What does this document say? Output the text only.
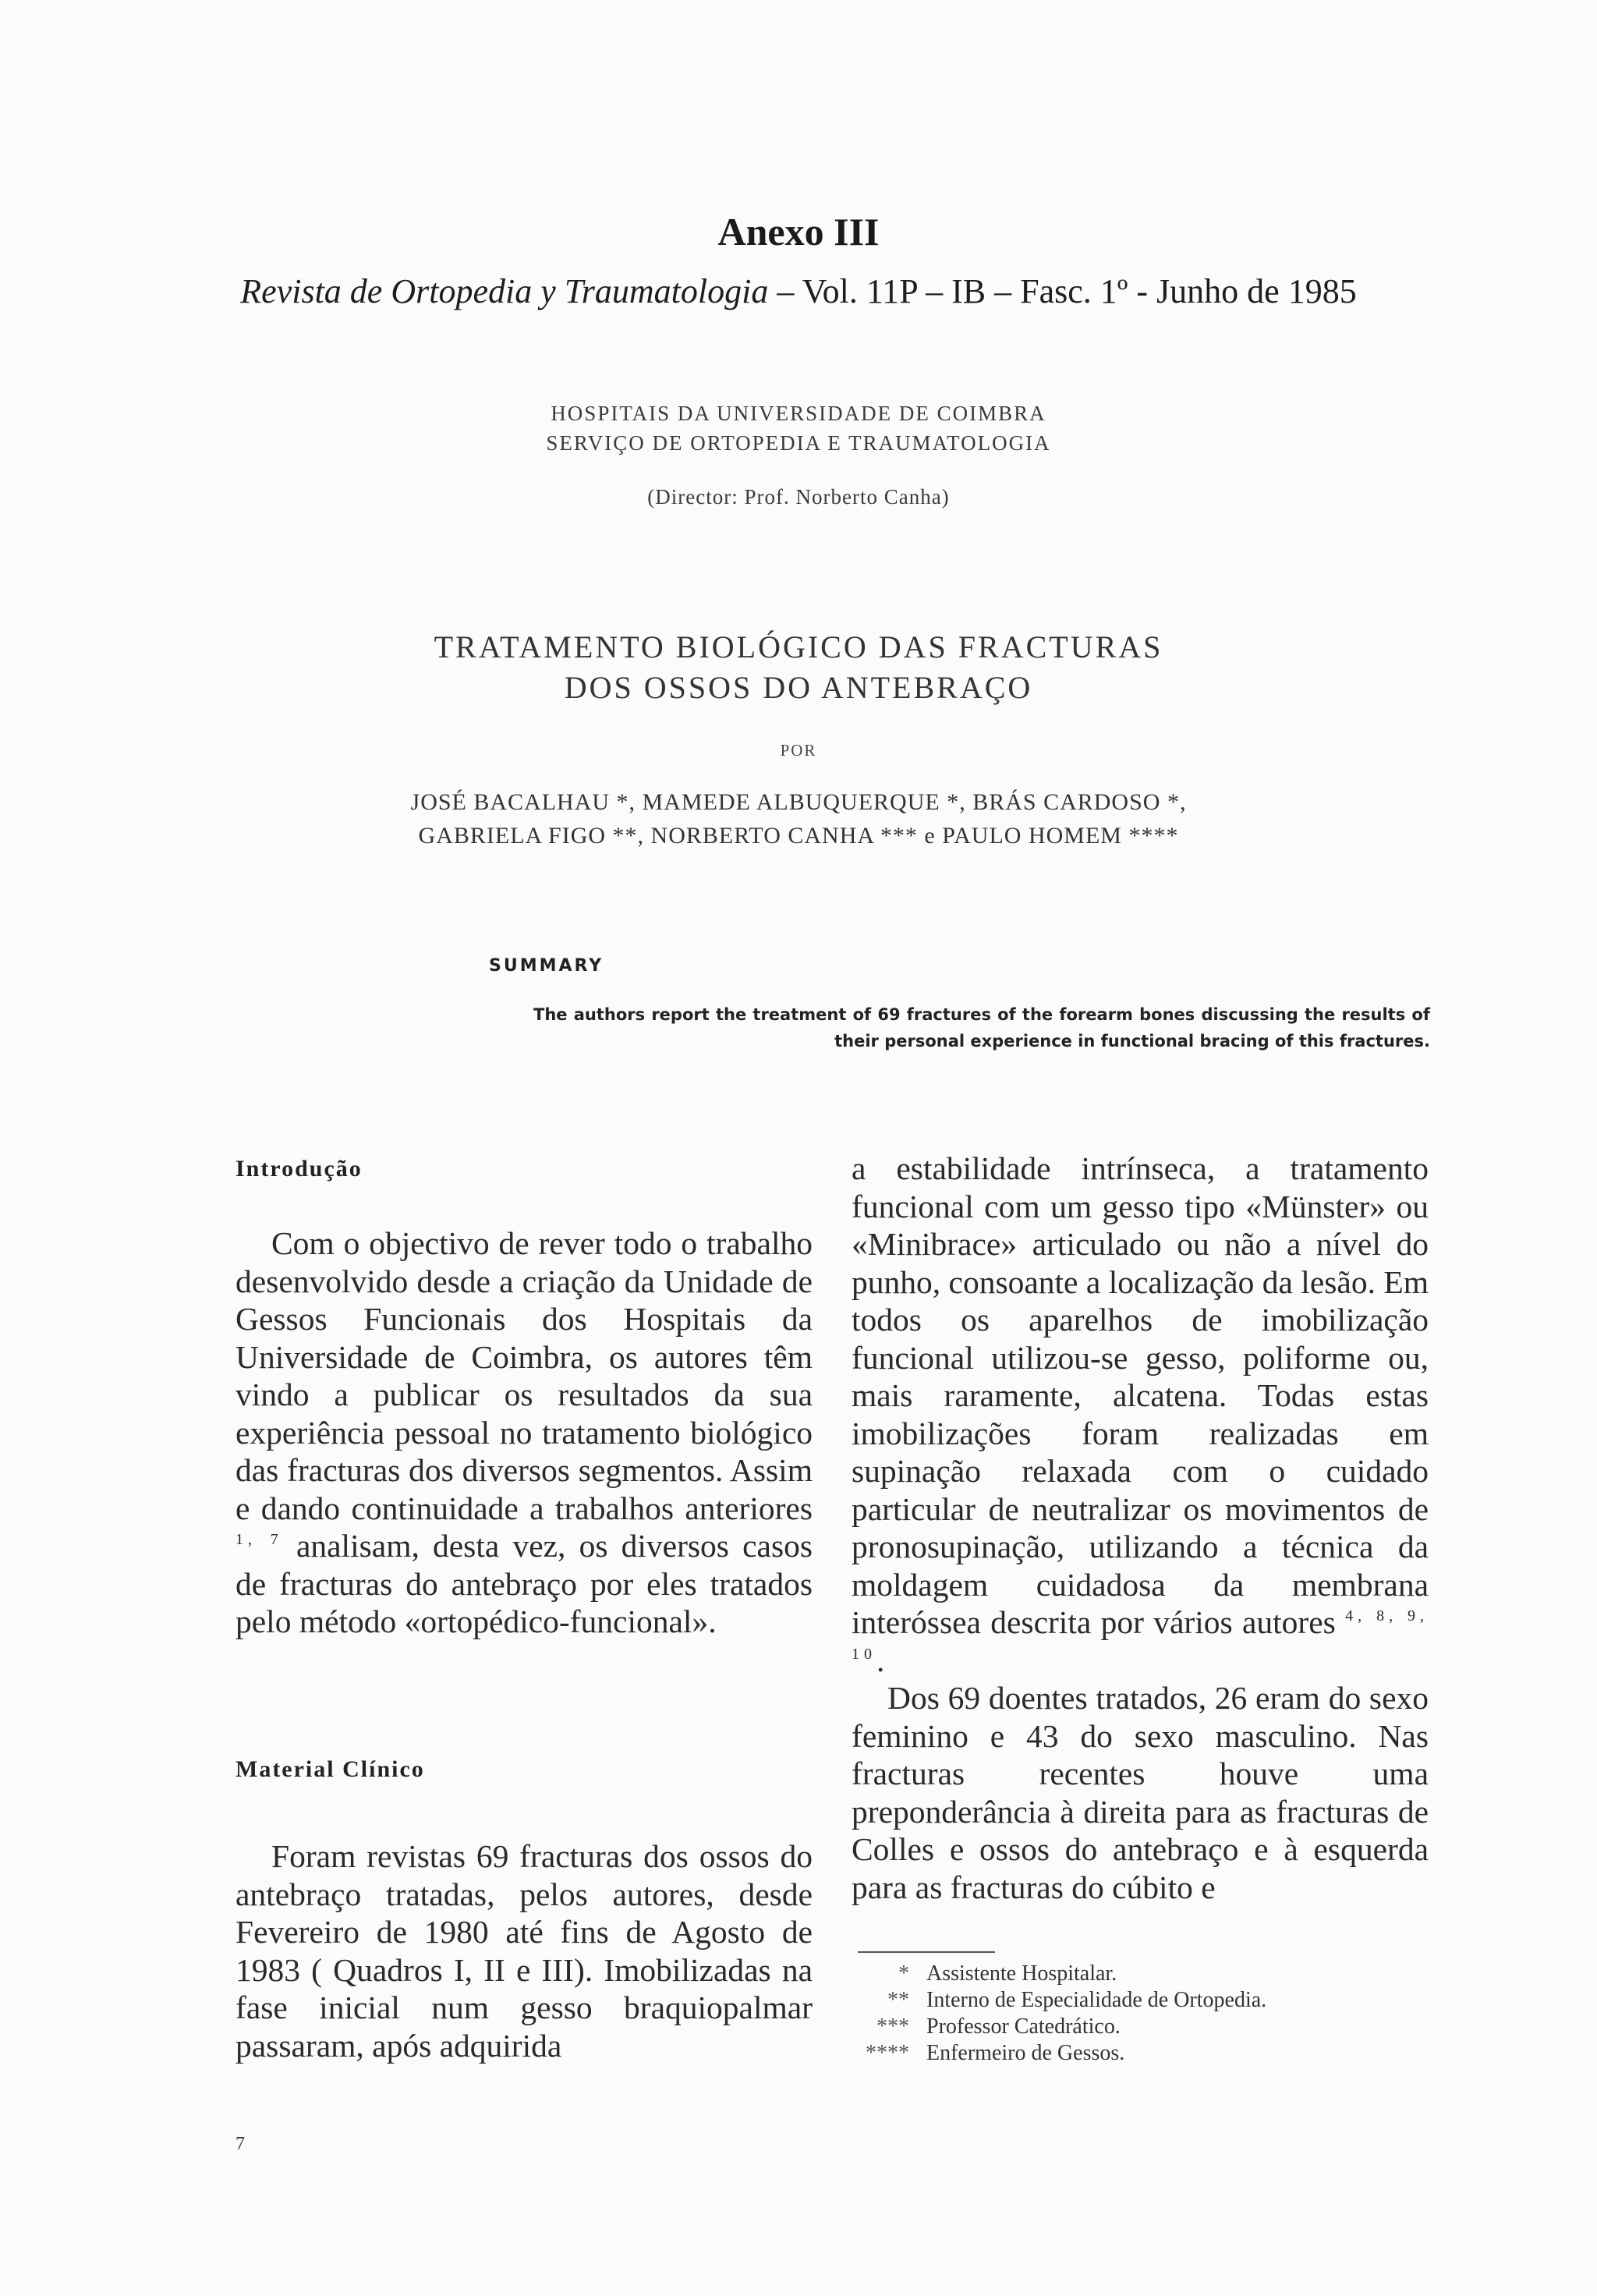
Anexo III
Revista de Ortopedia y Traumatologia – Vol. 11P – IB – Fasc. 1º - Junho de 1985
HOSPITAIS DA UNIVERSIDADE DE COIMBRA
SERVIÇO DE ORTOPEDIA E TRAUMATOLOGIA
(Director: Prof. Norberto Canha)
TRATAMENTO BIOLÓGICO DAS FRACTURAS
DOS OSSOS DO ANTEBRAÇO
POR
JOSÉ BACALHAU *, MAMEDE ALBUQUERQUE *, BRÁS CARDOSO *,
GABRIELA FIGO **, NORBERTO CANHA *** e PAULO HOMEM ****
SUMMARY
The authors report the treatment of 69 fractures of the forearm bones discussing the results of their personal experience in functional bracing of this fractures.
Introdução

Com o objectivo de rever todo o trabalho desenvolvido desde a criação da Unidade de Gessos Funcionais dos Hospitais da Universidade de Coimbra, os autores têm vindo a publicar os resultados da sua experiência pessoal no tratamento biológico das fracturas dos diversos segmentos. Assim e dando continuidade a trabalhos anteriores $^{1, 7}$ analisam, desta vez, os diversos casos de fracturas do antebraço por eles tratados pelo método «ortopédico-funcional».

Material Clínico

Foram revistas 69 fracturas dos ossos do antebraço tratadas, pelos autores, desde Fevereiro de 1980 até fins de Agosto de 1983 ( Quadros I, II e III). Imobilizadas na fase inicial num gesso braquiopalmar passaram, após adquirida

a estabilidade intrínseca, a tratamento funcional com um gesso tipo «Münster» ou «Minibrace» articulado ou não a nível do punho, consoante a localização da lesão. Em todos os aparelhos de imobilização funcional utilizou-se gesso, poliforme ou, mais raramente, alcatena. Todas estas imobilizações foram realizadas em supinação relaxada com o cuidado particular de neutralizar os movimentos de pronosupinação, utilizando a técnica da moldagem cuidadosa da membrana interóssea descrita por vários autores $^{4, 8, 9, 10}$.

Dos 69 doentes tratados, 26 eram do sexo feminino e 43 do sexo masculino. Nas fracturas recentes houve uma preponderância à direita para as fracturas de Colles e ossos do antebraço e à esquerda para as fracturas do cúbito e

* Assistente Hospitalar.
** Interno de Especialidade de Ortopedia.
*** Professor Catedrático.
**** Enfermeiro de Gessos.
7
